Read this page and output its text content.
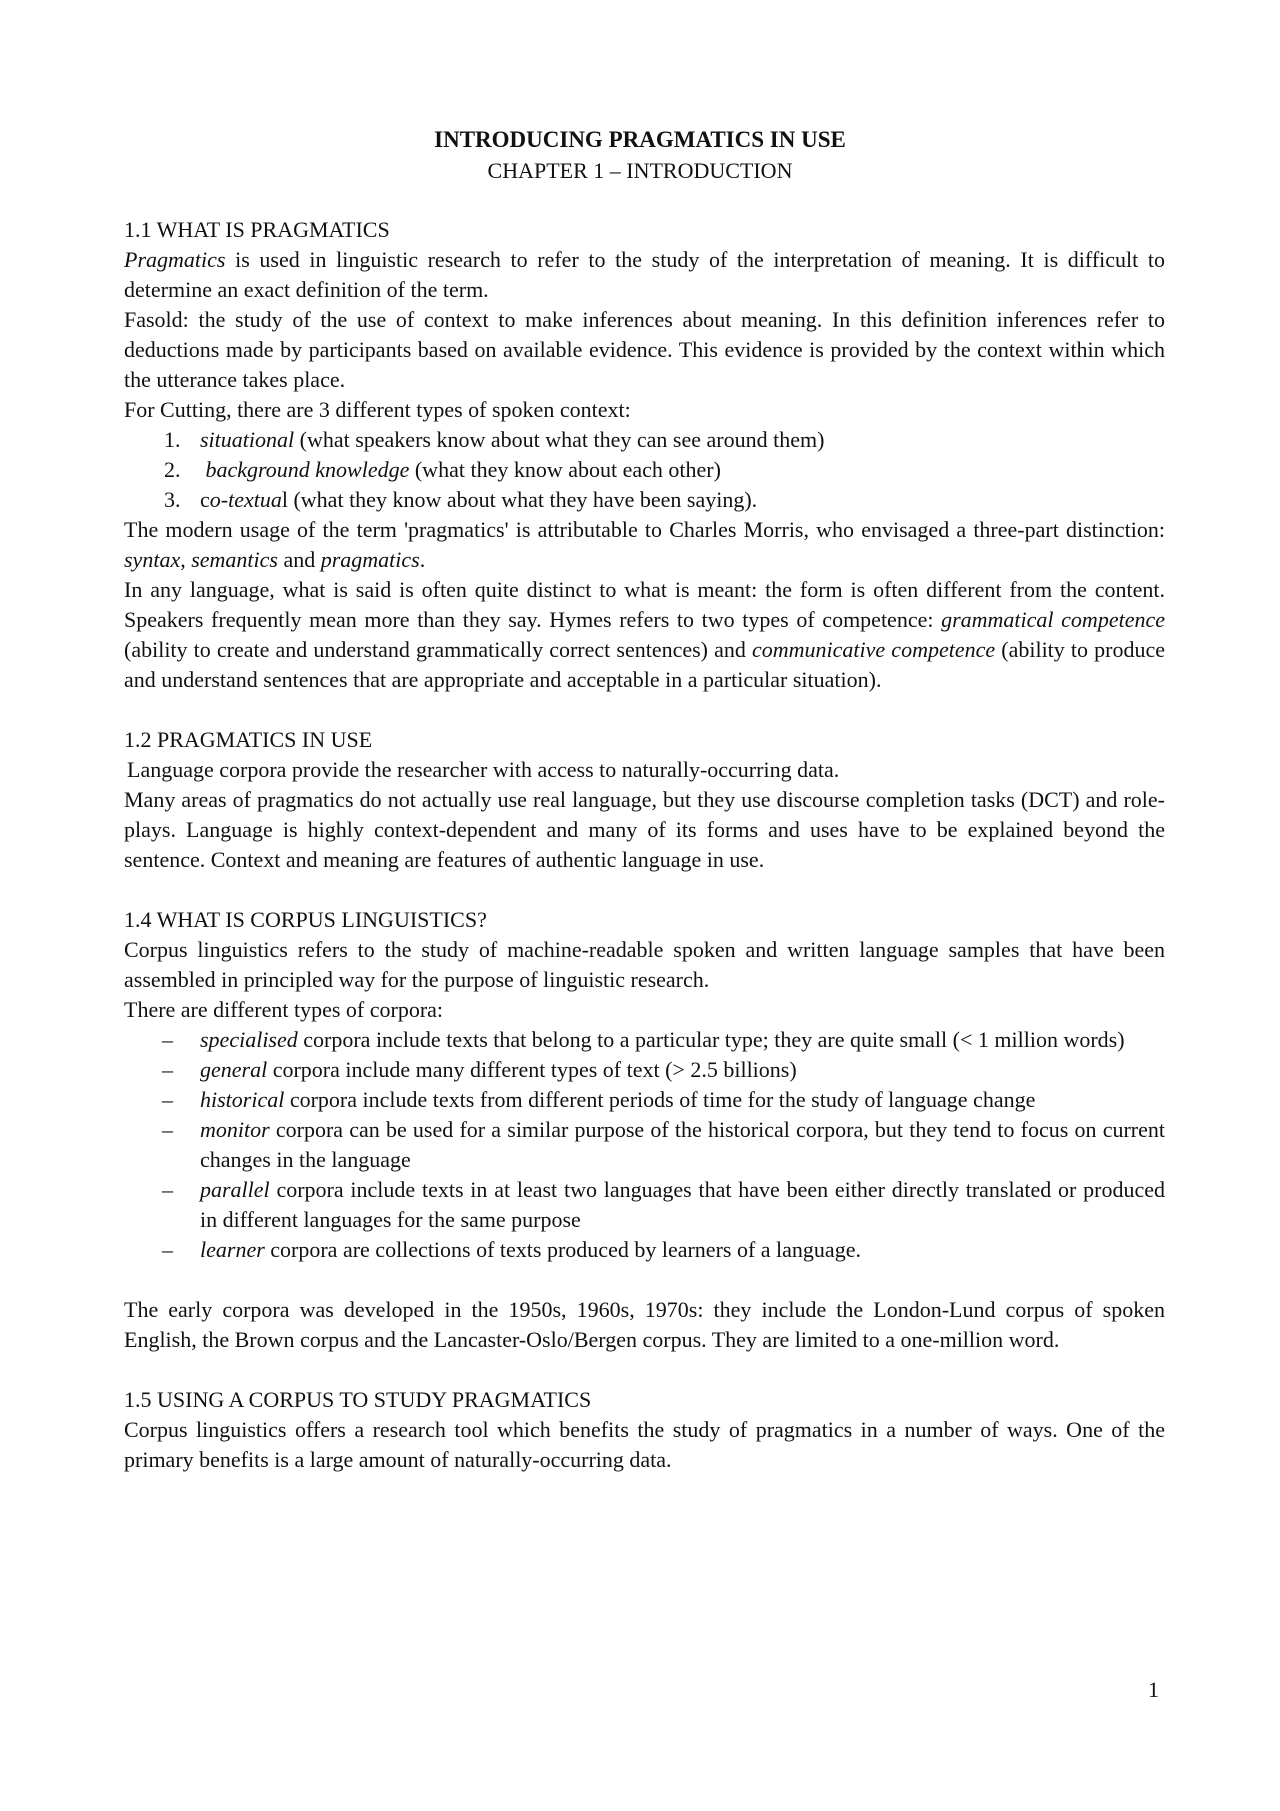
INTRODUCING PRAGMATICS IN USE
CHAPTER 1 – INTRODUCTION

1.1 WHAT IS PRAGMATICS

Pragmatics is used in linguistic research to refer to the study of the interpretation of meaning. It is difficult to determine an exact definition of the term.

Fasold: the study of the use of context to make inferences about meaning. In this definition inferences refer to deductions made by participants based on available evidence. This evidence is provided by the context within which the utterance takes place.

For Cutting, there are 3 different types of spoken context:

1. situational (what speakers know about what they can see around them)
2. background knowledge (what they know about each other)
3. co-textual (what they know about what they have been saying).

The modern usage of the term 'pragmatics' is attributable to Charles Morris, who envisaged a three-part distinction: syntax, semantics and pragmatics.

In any language, what is said is often quite distinct to what is meant: the form is often different from the content. Speakers frequently mean more than they say. Hymes refers to two types of competence: grammatical competence (ability to create and understand grammatically correct sentences) and communicative competence (ability to produce and understand sentences that are appropriate and acceptable in a particular situation).

1.2 PRAGMATICS IN USE

Language corpora provide the researcher with access to naturally-occurring data.

Many areas of pragmatics do not actually use real language, but they use discourse completion tasks (DCT) and role-plays. Language is highly context-dependent and many of its forms and uses have to be explained beyond the sentence. Context and meaning are features of authentic language in use.

1.4 WHAT IS CORPUS LINGUISTICS?

Corpus linguistics refers to the study of machine-readable spoken and written language samples that have been assembled in principled way for the purpose of linguistic research.

There are different types of corpora:

–	specialised corpora include texts that belong to a particular type; they are quite small (< 1 million words)
–	general corpora include many different types of text (> 2.5 billions)
–	historical corpora include texts from different periods of time for the study of language change
–	monitor corpora can be used for a similar purpose of the historical corpora, but they tend to focus on current changes in the language
–	parallel corpora include texts in at least two languages that have been either directly translated or produced in different languages for the same purpose
–	learner corpora are collections of texts produced by learners of a language.

The early corpora was developed in the 1950s, 1960s, 1970s: they include the London-Lund corpus of spoken English, the Brown corpus and the Lancaster-Oslo/Bergen corpus. They are limited to a one-million word.

1.5 USING A CORPUS TO STUDY PRAGMATICS

Corpus linguistics offers a research tool which benefits the study of pragmatics in a number of ways. One of the primary benefits is a large amount of naturally-occurring data.

1
